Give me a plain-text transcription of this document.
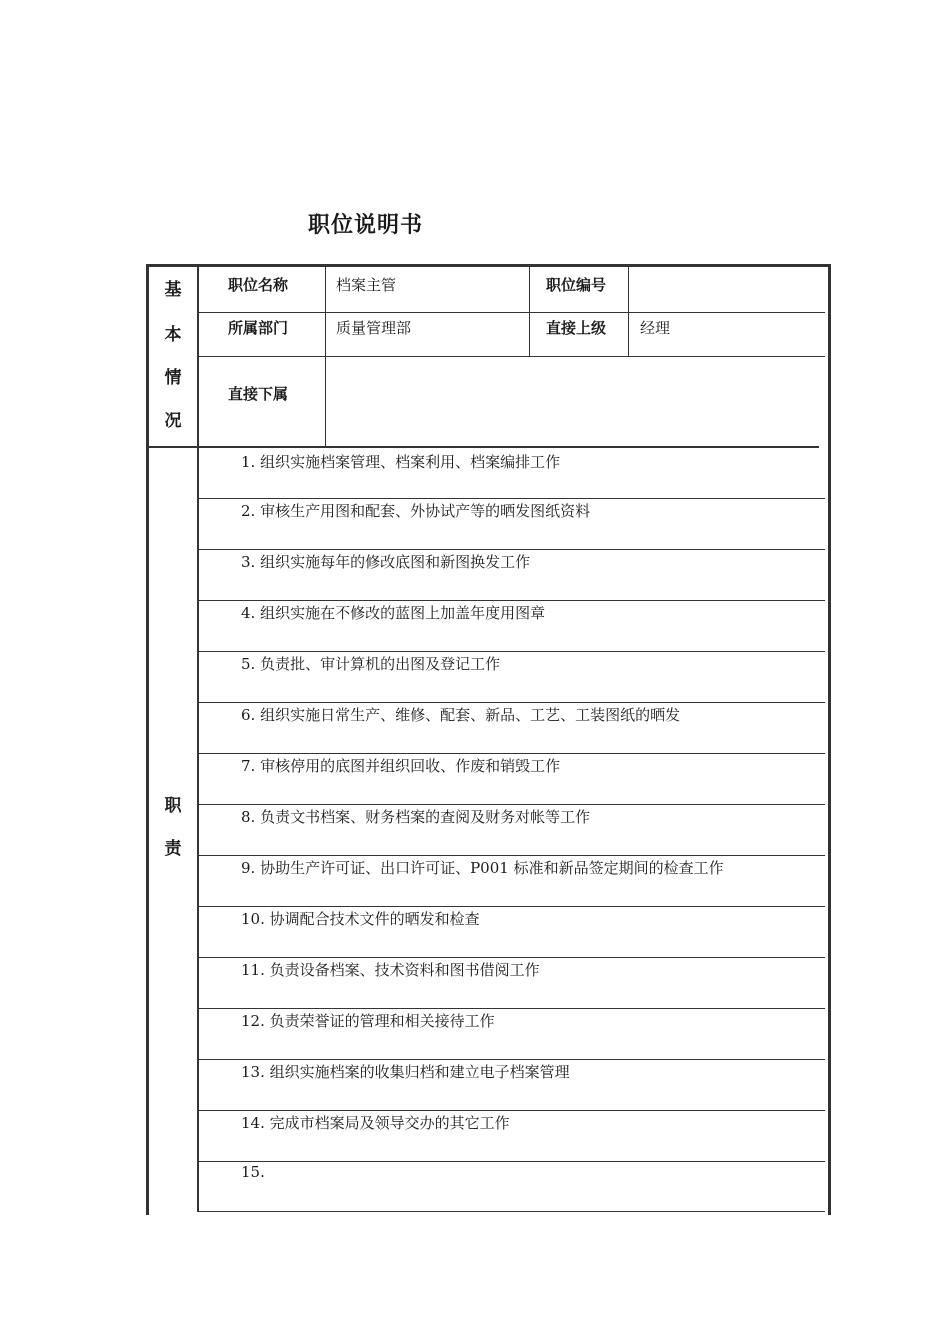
职位说明书
基
本
情
况
职位名称	档案主管	职位编号
所属部门	质量管理部	直接上级 经理
直接下属
职
责
1. 组织实施档案管理、档案利用、档案编排工作
2. 审核生产用图和配套、外协试产等的晒发图纸资料
3. 组织实施每年的修改底图和新图换发工作
4. 组织实施在不修改的蓝图上加盖年度用图章
5. 负责批、审计算机的出图及登记工作
6. 组织实施日常生产、维修、配套、新品、工艺、工装图纸的晒发
7. 审核停用的底图并组织回收、作废和销毁工作
8. 负责文书档案、财务档案的查阅及财务对帐等工作
9. 协助生产许可证、出口许可证、P001 标准和新品签定期间的检查工作
10. 协调配合技术文件的晒发和检查
11. 负责设备档案、技术资料和图书借阅工作
12. 负责荣誉证的管理和相关接待工作
13. 组织实施档案的收集归档和建立电子档案管理
14. 完成市档案局及领导交办的其它工作
15.
